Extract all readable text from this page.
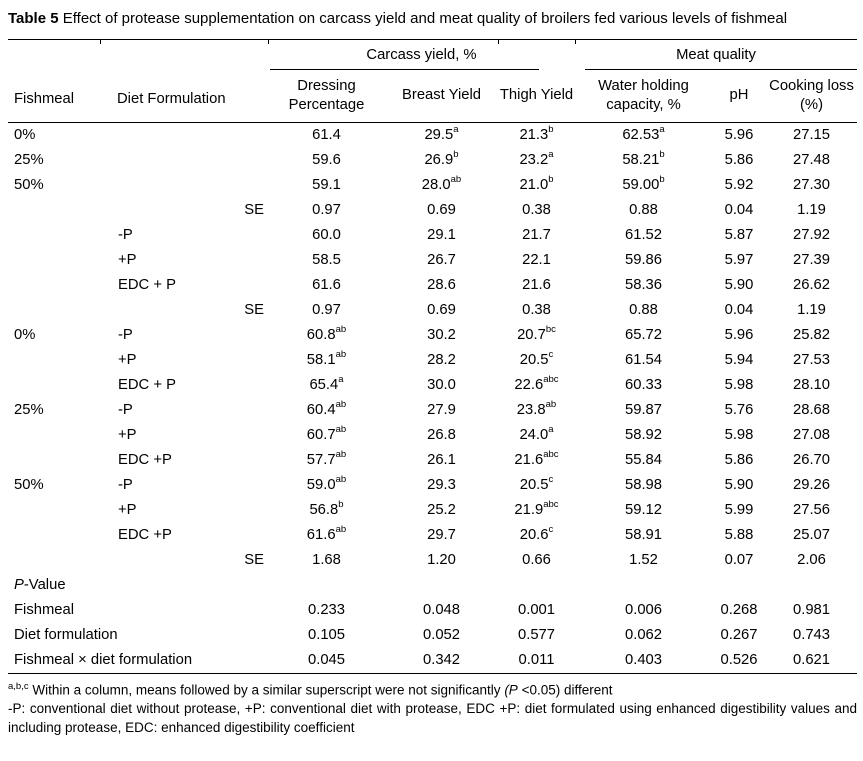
Table 5 Effect of protease supplementation on carcass yield and meat quality of broilers fed various levels of fishmeal

Fishmeal	Diet Formulation	Carcass yield, %			Meat quality		
		Dressing Percentage	Breast Yield	Thigh Yield	Water holding capacity, %	pH	Cooking loss (%)
0%		61.4	29.5$^a$	21.3$^b$	62.53$^a$	5.96	27.15
25%		59.6	26.9$^b$	23.2$^a$	58.21$^b$	5.86	27.48
50%		59.1	28.0$^{ab}$	21.0$^b$	59.00$^b$	5.92	27.30
	SE	0.97	0.69	0.38	0.88	0.04	1.19
	-P	60.0	29.1	21.7	61.52	5.87	27.92
	+P	58.5	26.7	22.1	59.86	5.97	27.39
	EDC + P	61.6	28.6	21.6	58.36	5.90	26.62
	SE	0.97	0.69	0.38	0.88	0.04	1.19
0%	-P	60.8$^{ab}$	30.2	20.7$^{bc}$	65.72	5.96	25.82
	+P	58.1$^{ab}$	28.2	20.5$^c$	61.54	5.94	27.53
	EDC + P	65.4$^a$	30.0	22.6$^{abc}$	60.33	5.98	28.10
25%	-P	60.4$^{ab}$	27.9	23.8$^{ab}$	59.87	5.76	28.68
	+P	60.7$^{ab}$	26.8	24.0$^a$	58.92	5.98	27.08
	EDC +P	57.7$^{ab}$	26.1	21.6$^{abc}$	55.84	5.86	26.70
50%	-P	59.0$^{ab}$	29.3	20.5$^c$	58.98	5.90	29.26
	+P	56.8$^b$	25.2	21.9$^{abc}$	59.12	5.99	27.56
	EDC +P	61.6$^{ab}$	29.7	20.6$^c$	58.91	5.88	25.07
	SE	1.68	1.20	0.66	1.52	0.07	2.06
P-Value							
Fishmeal		0.233	0.048	0.001	0.006	0.268	0.981
Diet formulation		0.105	0.052	0.577	0.062	0.267	0.743
Fishmeal × diet formulation		0.045	0.342	0.011	0.403	0.526	0.621

$^{a,b,c}$ Within a column, means followed by a similar superscript were not significantly (P <0.05) different

-P: conventional diet without protease, +P: conventional diet with protease, EDC +P: diet formulated using enhanced digestibility values and including protease, EDC: enhanced digestibility coefficient
